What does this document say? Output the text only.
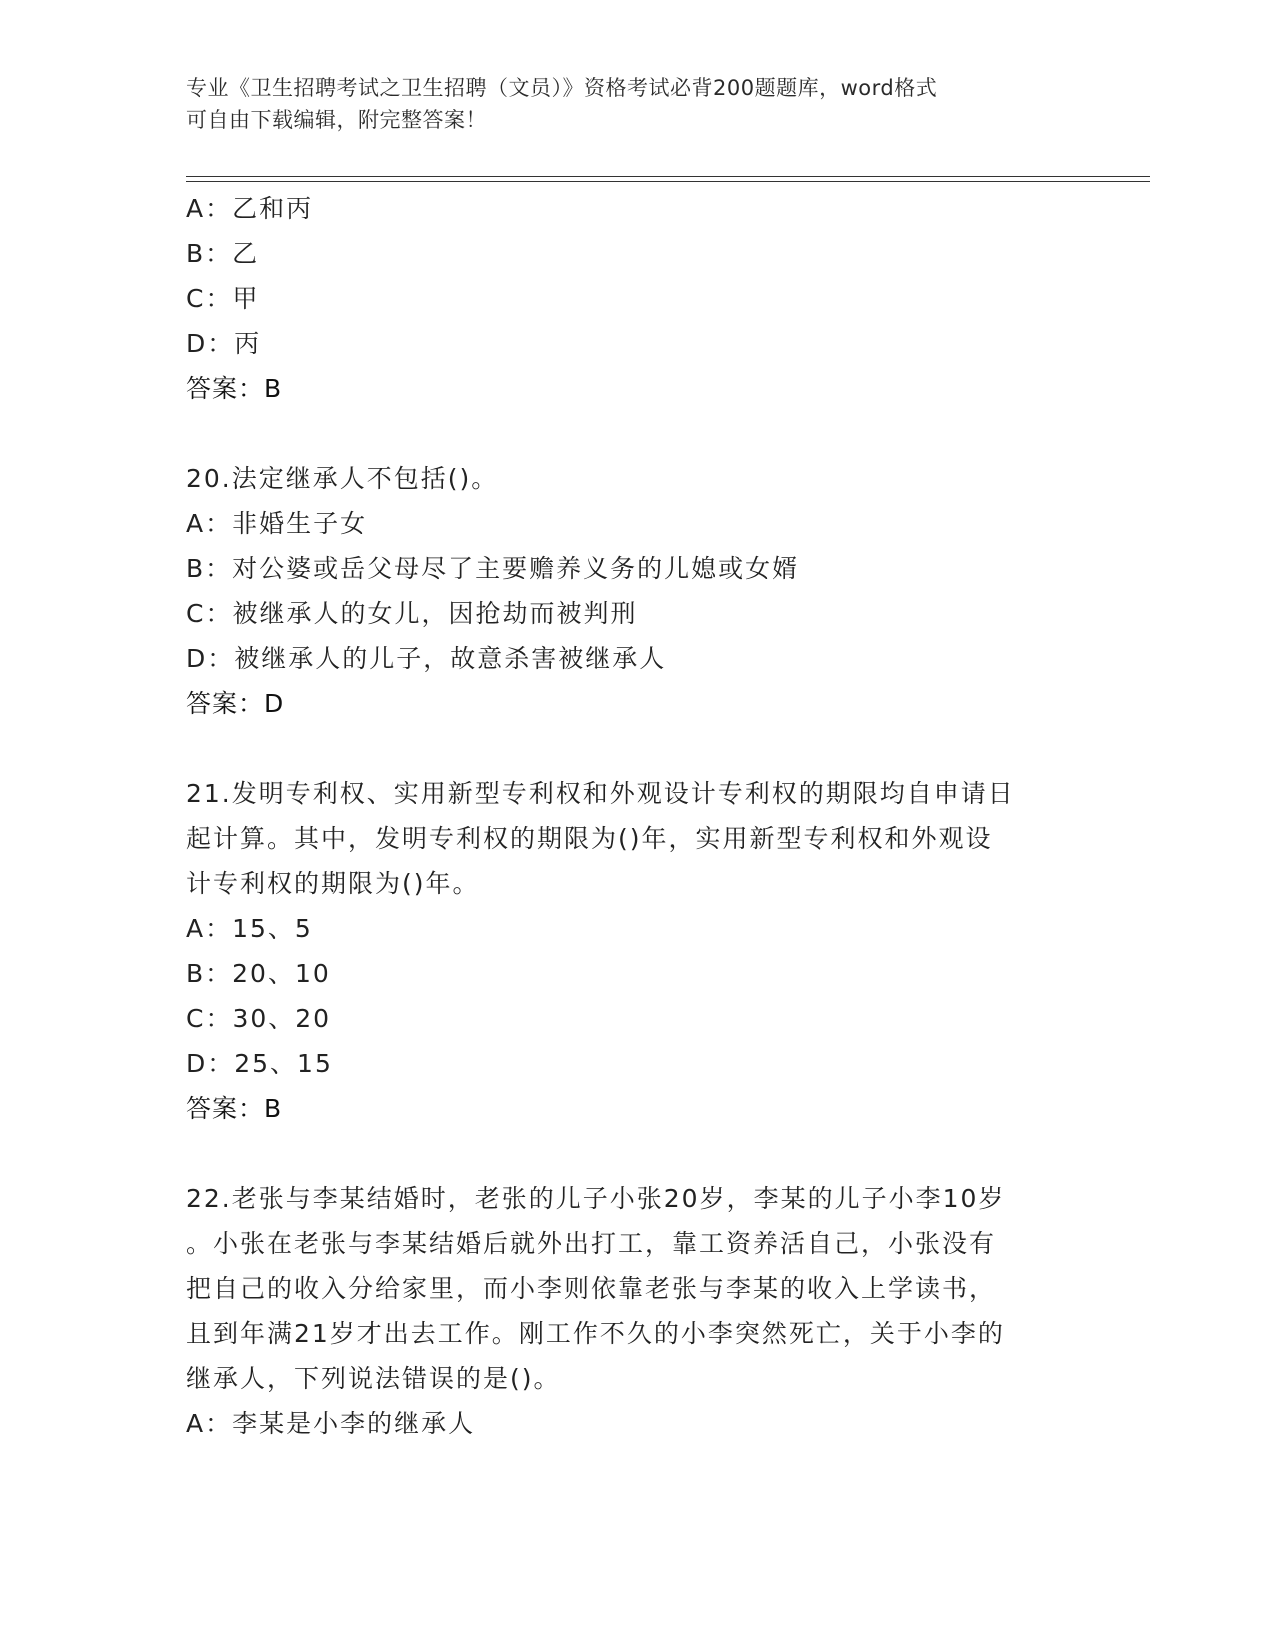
专业《卫生招聘考试之卫生招聘（文员）》资格考试必背200题题库，word格式
可自由下载编辑，附完整答案！
A：乙和丙
B：乙
C：甲
D：丙
答案：B
20.法定继承人不包括()。
A：非婚生子女
B：对公婆或岳父母尽了主要赡养义务的儿媳或女婿
C：被继承人的女儿，因抢劫而被判刑
D：被继承人的儿子，故意杀害被继承人
答案：D
21.发明专利权、实用新型专利权和外观设计专利权的期限均自申请日
起计算。其中，发明专利权的期限为()年，实用新型专利权和外观设
计专利权的期限为()年。
A：15、5
B：20、10
C：30、20
D：25、15
答案：B
22.老张与李某结婚时，老张的儿子小张20岁，李某的儿子小李10岁
。小张在老张与李某结婚后就外出打工，靠工资养活自己，小张没有
把自己的收入分给家里，而小李则依靠老张与李某的收入上学读书，
且到年满21岁才出去工作。刚工作不久的小李突然死亡，关于小李的
继承人，下列说法错误的是()。
A：李某是小李的继承人
